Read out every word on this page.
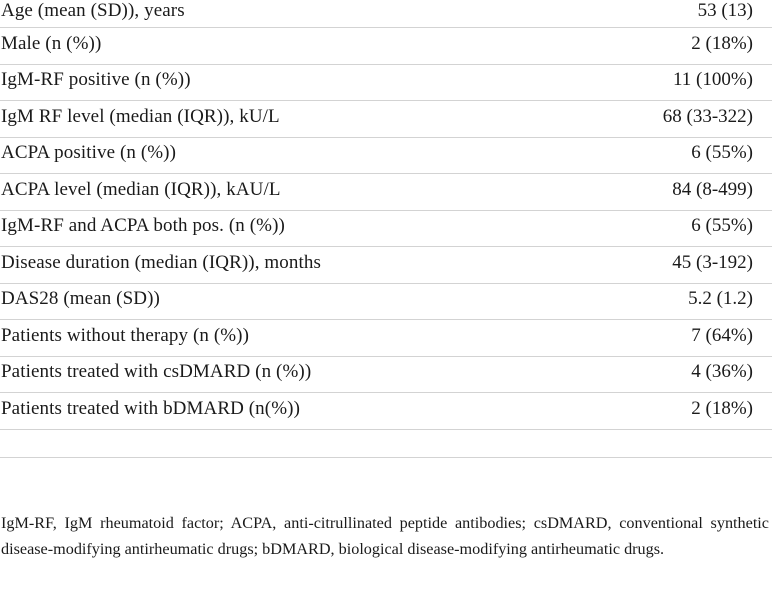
Age (mean (SD)), years	53 (13)
Male (n (%))	2 (18%)
IgM-RF positive (n (%))	11 (100%)
IgM RF level (median (IQR)), kU/L	68 (33-322)
ACPA positive (n (%))	6 (55%)
ACPA level (median (IQR)), kAU/L	84 (8-499)
IgM-RF and ACPA both pos. (n (%))	6 (55%)
Disease duration (median (IQR)), months	45 (3-192)
DAS28 (mean (SD))	5.2 (1.2)
Patients without therapy (n (%))	7 (64%)
Patients treated with csDMARD (n (%))	4 (36%)
Patients treated with bDMARD (n(%))	2 (18%)
IgM-RF, IgM rheumatoid factor; ACPA, anti-citrullinated peptide antibodies; csDMARD, conventional synthetic disease-modifying antirheumatic drugs; bDMARD, biological disease-modifying antirheumatic drugs.
